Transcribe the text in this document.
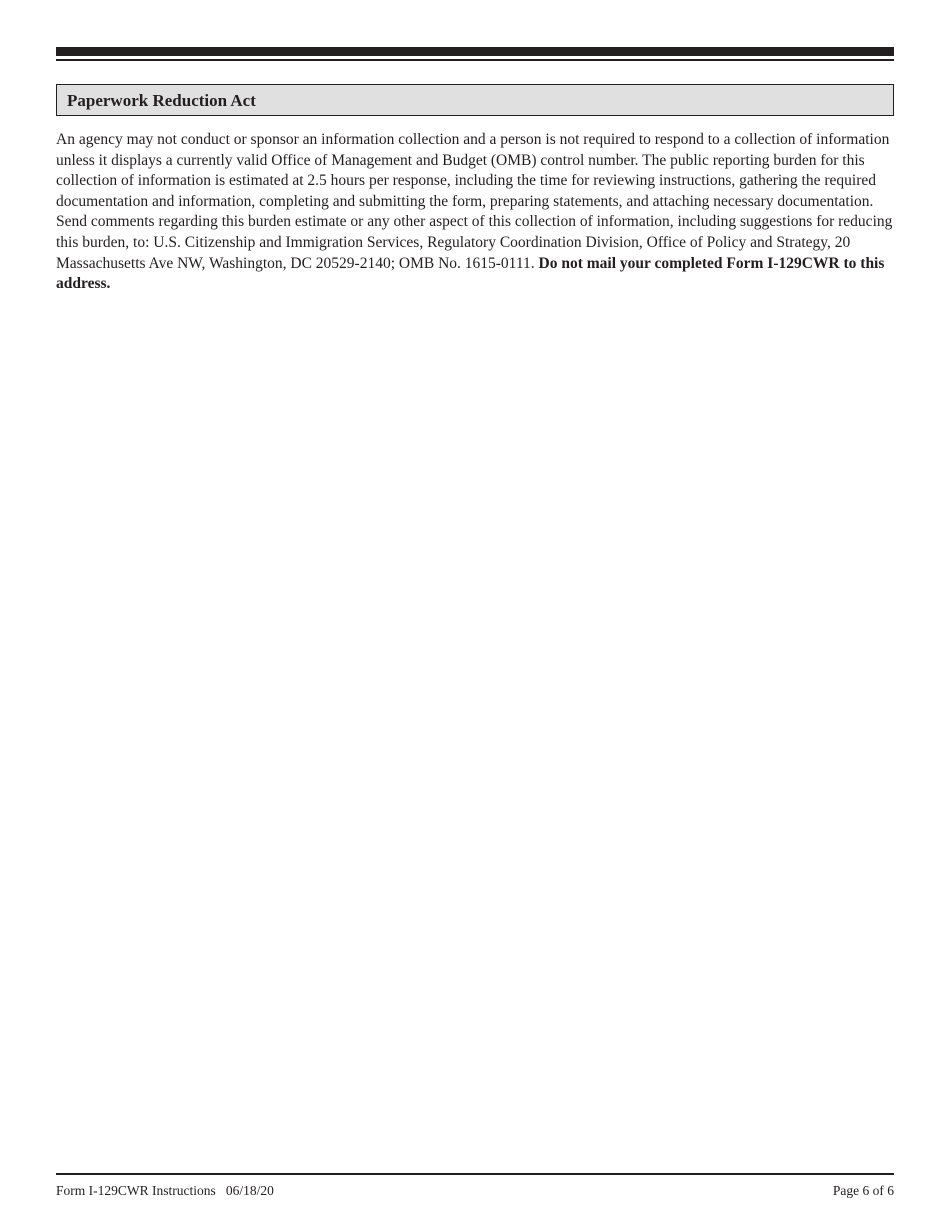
Paperwork Reduction Act

An agency may not conduct or sponsor an information collection and a person is not required to respond to a collection of information unless it displays a currently valid Office of Management and Budget (OMB) control number. The public reporting burden for this collection of information is estimated at 2.5 hours per response, including the time for reviewing instructions, gathering the required documentation and information, completing and submitting the form, preparing statements, and attaching necessary documentation. Send comments regarding this burden estimate or any other aspect of this collection of information, including suggestions for reducing this burden, to: U.S. Citizenship and Immigration Services, Regulatory Coordination Division, Office of Policy and Strategy, 20 Massachusetts Ave NW, Washington, DC 20529-2140; OMB No. 1615-0111. Do not mail your completed Form I-129CWR to this address.

Form I-129CWR Instructions   06/18/20	Page 6 of 6
